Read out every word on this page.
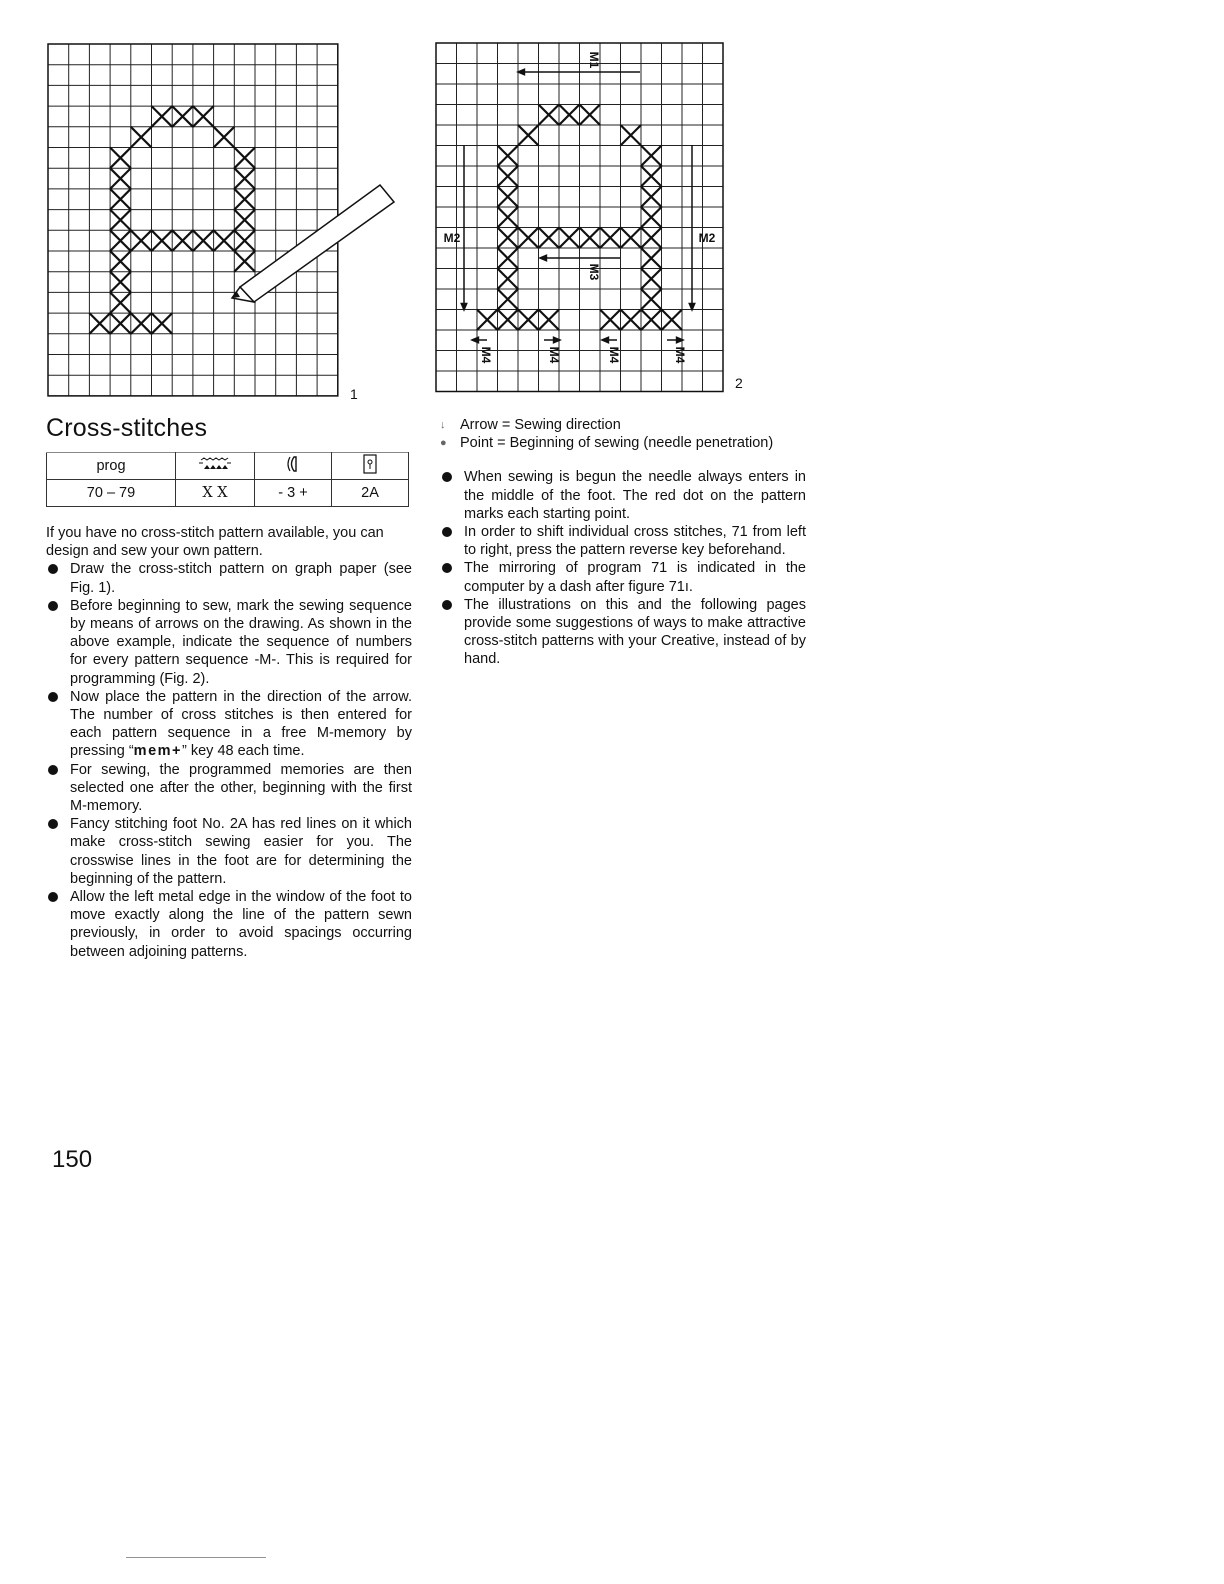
1
M1
M2	M2
M3
M4	M4	M4	M4
2
Cross-stitches
prog			
70 – 79	X X	- 3 +	2A

If you have no cross-stitch pattern available, you can design and sew your own pattern.

Draw the cross-stitch pattern on graph paper (see Fig. 1).
Before beginning to sew, mark the sewing sequence by means of arrows on the drawing. As shown in the above example, indicate the sequence of numbers for every pattern sequence -M-. This is required for programming (Fig. 2).
Now place the pattern in the direction of the arrow. The number of cross stitches is then entered for each pattern sequence in a free M-memory by pressing “mem+” key 48 each time.
For sewing, the programmed memories are then selected one after the other, beginning with the first M-memory.
Fancy stitching foot No. 2A has red lines on it which make cross-stitch sewing easier for you. The crosswise lines in the foot are for determining the beginning of the pattern.
Allow the left metal edge in the window of the foot to move exactly along the line of the pattern sewn previously, in order to avoid spacings occurring between adjoining patterns.
↓ Arrow = Sewing direction
● Point = Beginning of sewing (needle penetration)
When sewing is begun the needle always enters in the middle of the foot. The red dot on the pattern marks each starting point.
In order to shift individual cross stitches, 71 from left to right, press the pattern reverse key beforehand.
The mirroring of program 71 is indicated in the computer by a dash after figure 71ı.
The illustrations on this and the following pages provide some suggestions of ways to make attractive cross-stitch patterns with your Creative, instead of by hand.
150
